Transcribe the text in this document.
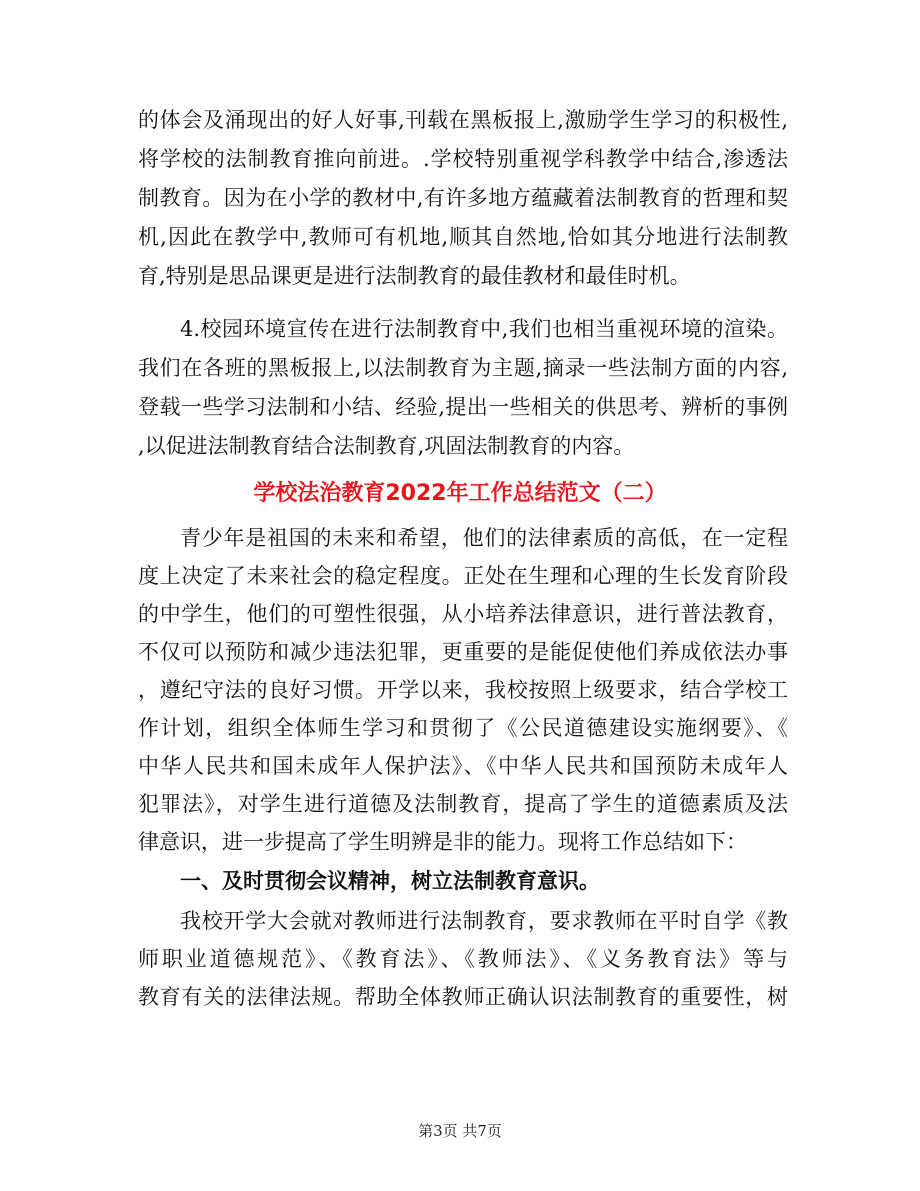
的体会及涌现出的好人好事,刊载在黑板报上,激励学生学习的积极性,
将学校的法制教育推向前进。.学校特别重视学科教学中结合,渗透法
制教育。因为在小学的教材中,有许多地方蕴藏着法制教育的哲理和契
机,因此在教学中,教师可有机地,顺其自然地,恰如其分地进行法制教
育,特别是思品课更是进行法制教育的最佳教材和最佳时机。
4.校园环境宣传在进行法制教育中,我们也相当重视环境的渲染。
我们在各班的黑板报上,以法制教育为主题,摘录一些法制方面的内容,
登载一些学习法制和小结、经验,提出一些相关的供思考、辨析的事例
,以促进法制教育结合法制教育,巩固法制教育的内容。
学校法治教育2022年工作总结范文（二）
青少年是祖国的未来和希望，他们的法律素质的高低，在一定程
度上决定了未来社会的稳定程度。正处在生理和心理的生长发育阶段
的中学生，他们的可塑性很强，从小培养法律意识，进行普法教育，
不仅可以预防和减少违法犯罪，更重要的是能促使他们养成依法办事
，遵纪守法的良好习惯。开学以来，我校按照上级要求，结合学校工
作计划，组织全体师生学习和贯彻了《公民道德建设实施纲要》、《
中华人民共和国未成年人保护法》、《中华人民共和国预防未成年人
犯罪法》，对学生进行道德及法制教育，提高了学生的道德素质及法
律意识，进一步提高了学生明辨是非的能力。现将工作总结如下：
一、及时贯彻会议精神，树立法制教育意识。
我校开学大会就对教师进行法制教育，要求教师在平时自学《教
师职业道德规范》、《教育法》、《教师法》、《义务教育法》等与
教育有关的法律法规。帮助全体教师正确认识法制教育的重要性，树
第3页 共7页
